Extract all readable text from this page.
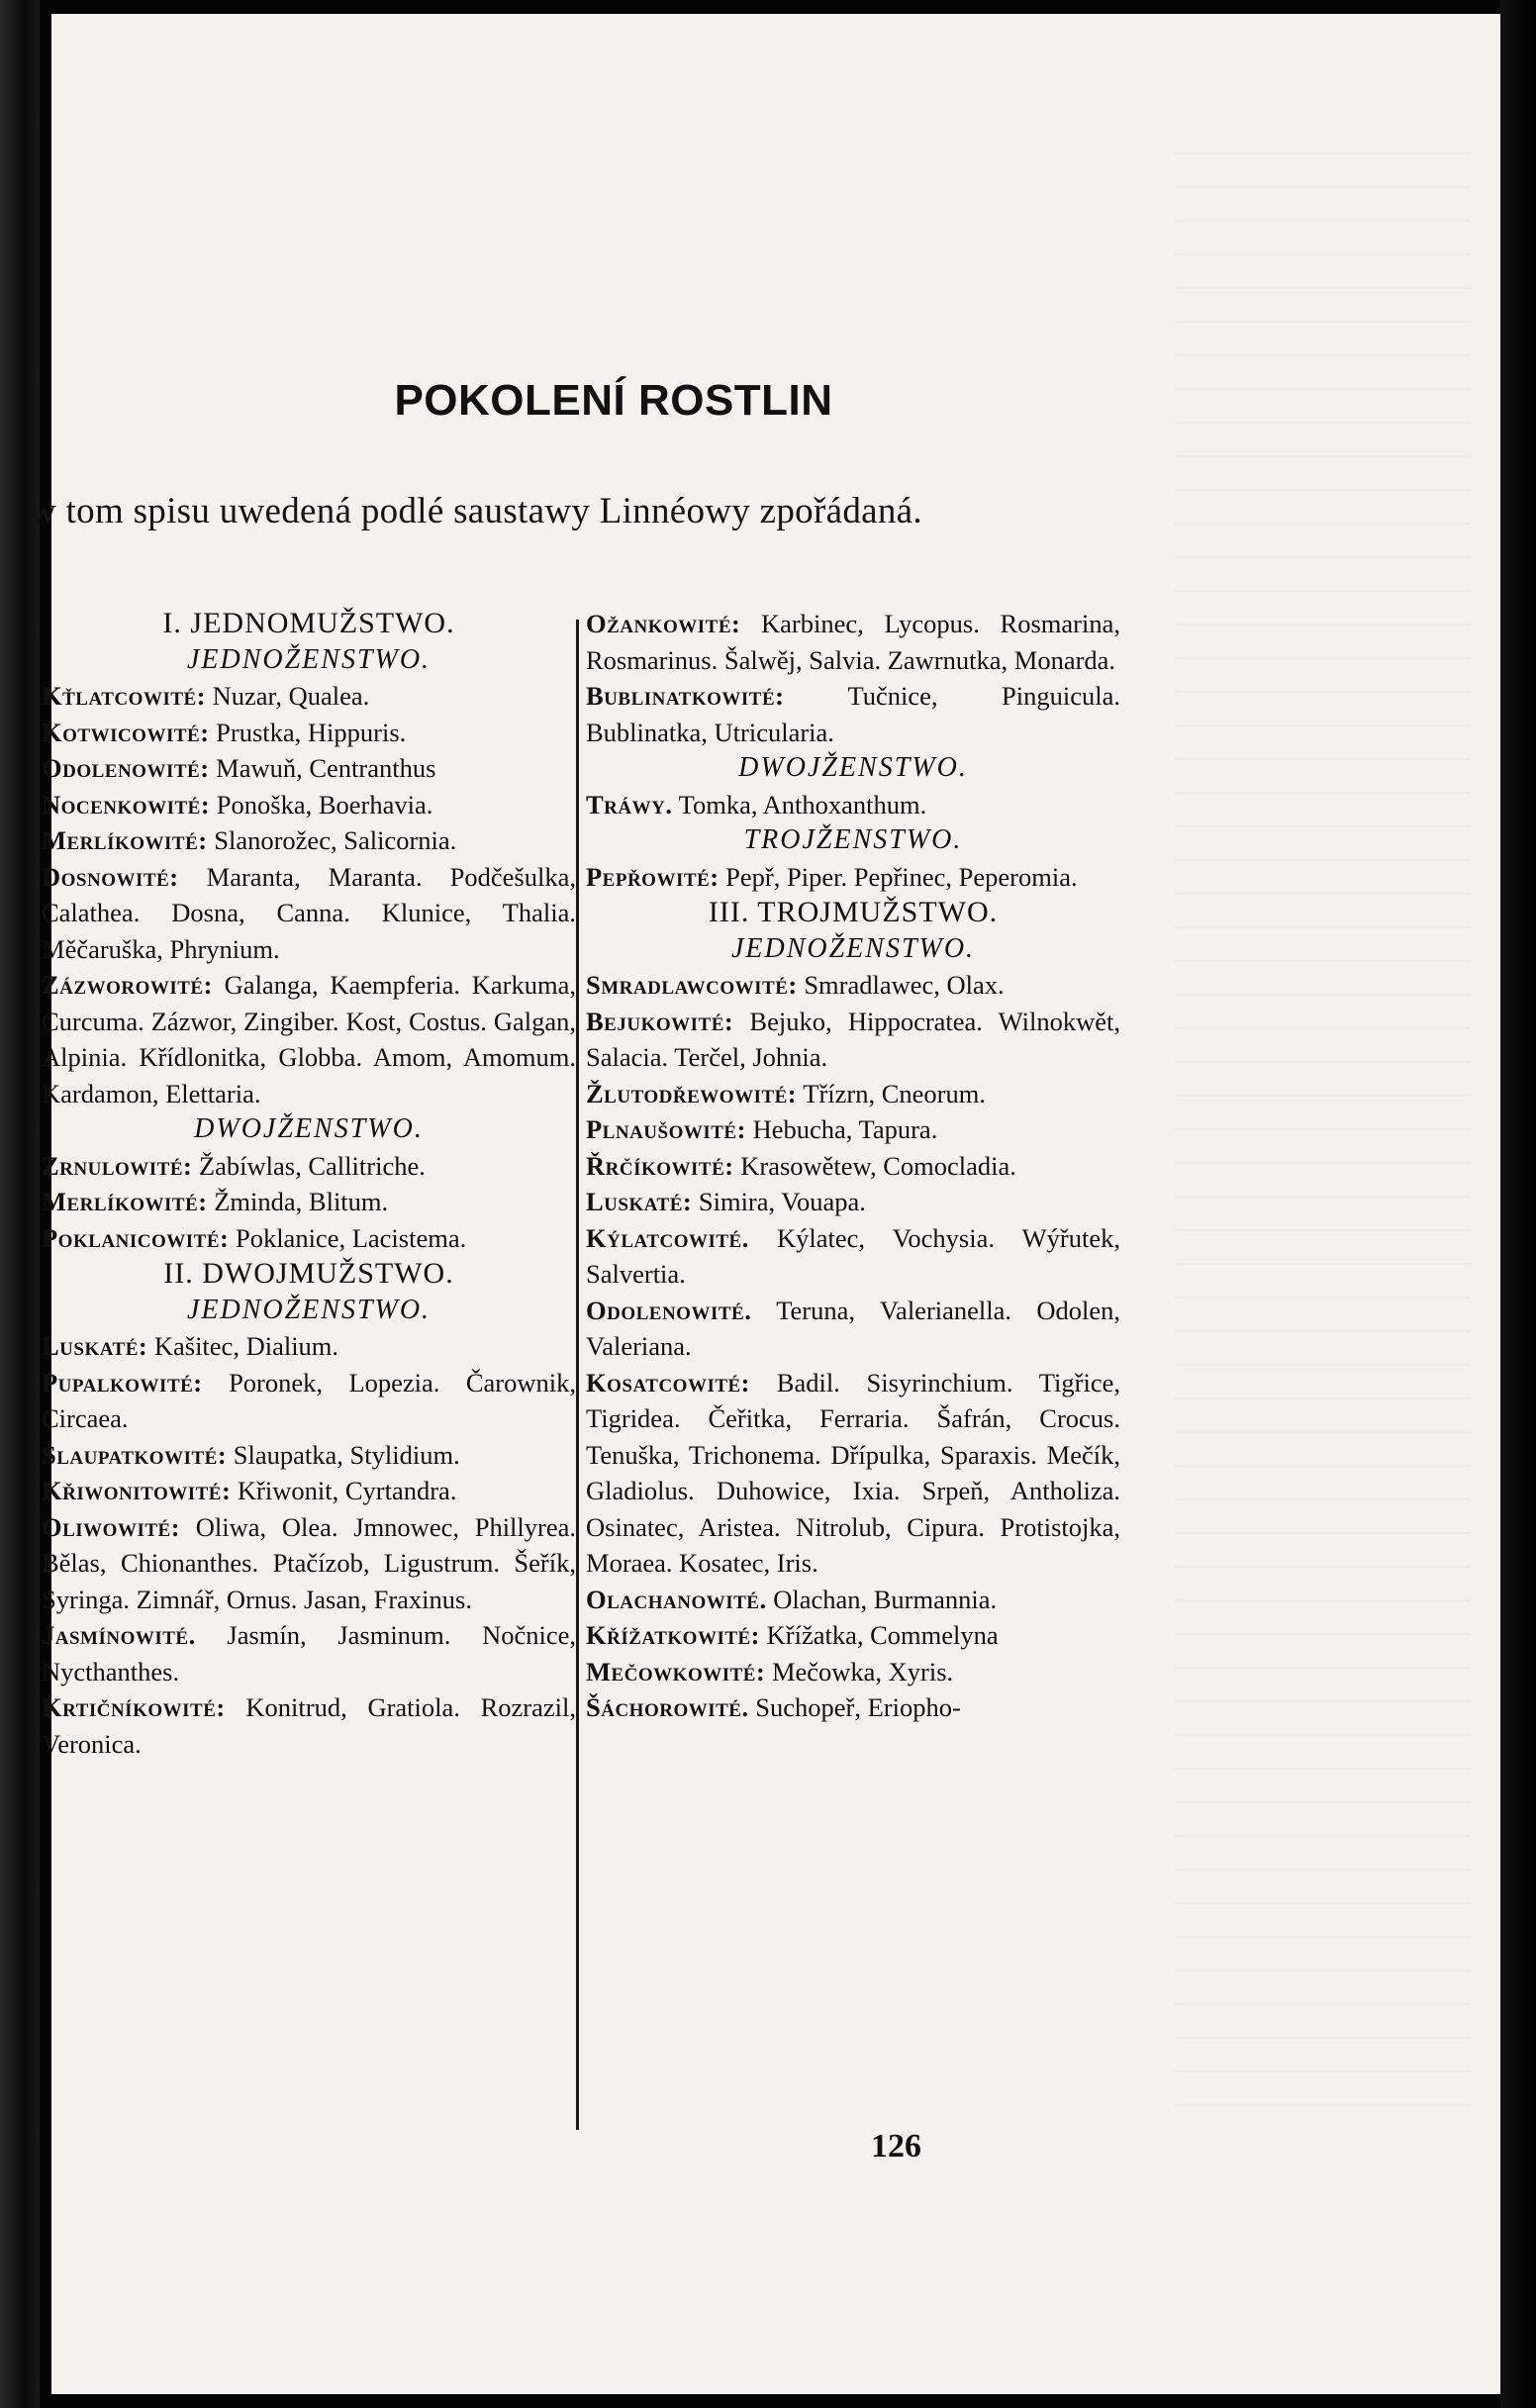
POKOLENÍ ROSTLIN
w tom spisu uwedená podlé saustawy Linnéowy zpořádaná.

I. JEDNOMUŽSTWO.

JEDNOŽENSTWO.

Kťlatcowité: Nuzar, Qualea.

Kotwicowité: Prustka, Hippuris.

Odolenowité: Mawuň, Centranthus

Nocenkowité: Ponoška, Boerhavia.

Merlíkowité: Slanorožec, Salicornia.

Dosnowité: Maranta, Maranta. Podčešulka, Calathea. Dosna, Canna. Klunice, Thalia. Měčaruška, Phrynium.

Zázworowité: Galanga, Kaempferia. Karkuma, Curcuma. Zázwor, Zingiber. Kost, Costus. Galgan, Alpinia. Křídlonitka, Globba. Amom, Amomum. Kardamon, Elettaria.

DWOJŽENSTWO.

Zrnulowité: Žabíwlas, Callitriche.

Merlíkowité: Žminda, Blitum.

Poklanicowité: Poklanice, Lacistema.

II. DWOJMUŽSTWO.

JEDNOŽENSTWO.

Luskaté: Kašitec, Dialium.

Pupalkowité: Poronek, Lopezia. Čarownik, Circaea.

Slaupatkowité: Slaupatka, Stylidium.

Křiwonitowité: Křiwonit, Cyrtandra.

Oliwowité: Oliwa, Olea. Jmnowec, Phillyrea. Bělas, Chionanthes. Ptačízob, Ligustrum. Šeřík, Syringa. Zimnář, Ornus. Jasan, Fraxinus.

Jasmínowité. Jasmín, Jasminum. Nočnice, Nycthanthes.

Krtičníkowité: Konitrud, Gratiola. Rozrazil, Veronica.

Ožankowité: Karbinec, Lycopus. Rosmarina, Rosmarinus. Šalwěj, Salvia. Zawrnutka, Monarda.

Bublinatkowité: Tučnice, Pinguicula. Bublinatka, Utricularia.

DWOJŽENSTWO.

Tráwy. Tomka, Anthoxanthum.

TROJŽENSTWO.

Pepřowité: Pepř, Piper. Pepřinec, Peperomia.

III. TROJMUŽSTWO.

JEDNOŽENSTWO.

Smradlawcowité: Smradlawec, Olax.

Bejukowité: Bejuko, Hippocratea. Wilnokwět, Salacia. Terčel, Johnia.

Žlutodřewowité: Třízrn, Cneorum.

Plnaušowité: Hebucha, Tapura.

Řrčíkowité: Krasowětew, Comocladia.

Luskaté: Simira, Vouapa.

Kýlatcowité. Kýlatec, Vochysia. Wýřutek, Salvertia.

Odolenowité. Teruna, Valerianella. Odolen, Valeriana.

Kosatcowité: Badil. Sisyrinchium. Tigřice, Tigridea. Čeřitka, Ferraria. Šafrán, Crocus. Tenuška, Trichonema. Dřípulka, Sparaxis. Mečík, Gladiolus. Duhowice, Ixia. Srpeň, Antholiza. Osinatec, Aristea. Nitrolub, Cipura. Protistojka, Moraea. Kosatec, Iris.

Olachanowité. Olachan, Burmannia.

Křížatkowité: Křížatka, Commelyna

Mečowkowité: Mečowka, Xyris.

Šáchorowité. Suchopeř, Eriopho-

126
